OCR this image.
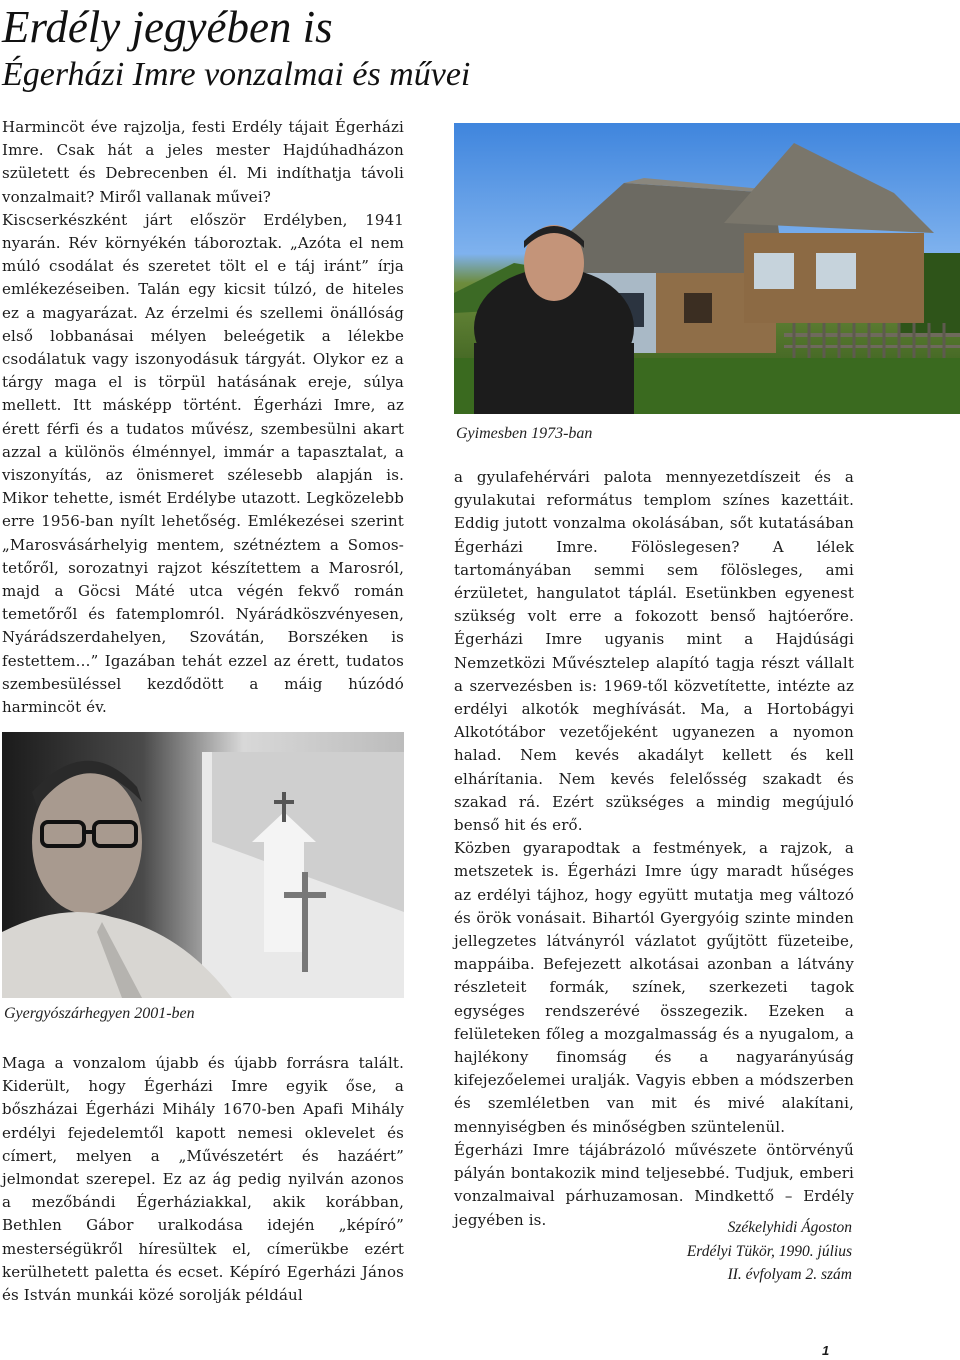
Erdély jegyében is
Égerházi Imre vonzalmai és művei

Harmincöt éve rajzolja, festi Erdély tájait Égerházi Imre. Csak hát a jeles mester Hajdúhadházon született és Debrecenben él. Mi indíthatja távoli vonzalmait? Miről vallanak művei?

Kiscserkészként járt először Erdélyben, 1941 nyarán. Rév környékén táboroztak. „Azóta el nem múló csodálat és szeretet tölt el e táj iránt” írja emlékezéseiben. Talán egy kicsit túlzó, de hiteles ez a magyarázat. Az érzelmi és szellemi önállóság első lobbanásai mélyen beleégetik a lélekbe csodálatuk vagy iszonyodásuk tárgyát. Olykor ez a tárgy maga el is törpül hatásának ereje, súlya mellett. Itt másképp történt. Égerházi Imre, az érett férfi és a tudatos művész, szembesülni akart azzal a különös élménnyel, immár a tapasztalat, a viszonyítás, az önismeret szélesebb alapján is. Mikor tehette, ismét Erdélybe utazott. Legközelebb erre 1956-ban nyílt lehetőség. Emlékezései szerint „Marosvásárhelyig mentem, szétnéztem a Somos-tetőről, sorozatnyi rajzot készítettem a Marosról, majd a Göcsi Máté utca végén fekvő román temetőről és fatemplomról. Nyárádköszvényesen, Nyárádszerdahelyen, Szovátán, Borszéken is festettem…” Igazában tehát ezzel az érett, tudatos szembesüléssel kezdődött a máig húzódó harmincöt év.

Gyimesben 1973-ban
Gyergyószárhegyen 2001-ben

Maga a vonzalom újabb és újabb forrásra talált. Kiderült, hogy Égerházi Imre egyik őse, a bőszházai Égerházi Mihály 1670-ben Apafi Mihály erdélyi fejedelemtől kapott nemesi oklevelet és címert, melyen a „Művészetért és hazáért” jelmondat szerepel. Ez az ág pedig nyilván azonos a mezőbándi Égerháziakkal, akik korábban, Bethlen Gábor uralkodása idején „képíró” mesterségükről híresültek el, címerükbe ezért kerülhetett paletta és ecset. Képíró Egerházi János és István munkái közé sorolják például

a gyulafehérvári palota mennyezetdíszeit és a gyulakutai református templom színes kazettáit. Eddig jutott vonzalma okolásában, sőt kutatásában Égerházi Imre. Fölöslegesen? A lélek tartományában semmi sem fölösleges, ami érzületet, hangulatot táplál. Esetünkben egyenest szükség volt erre a fokozott benső hajtóerőre. Égerházi Imre ugyanis mint a Hajdúsági Nemzetközi Művésztelep alapító tagja részt vállalt a szervezésben is: 1969-től közvetítette, intézte az erdélyi alkotók meghívását. Ma, a Hortobágyi Alkotótábor vezetőjeként ugyanezen a nyomon halad. Nem kevés akadályt kellett és kell elhárítania. Nem kevés felelősség szakadt és szakad rá. Ezért szükséges a mindig megújuló benső hit és erő.

Közben gyarapodtak a festmények, a rajzok, a metszetek is. Égerházi Imre úgy maradt hűséges az erdélyi tájhoz, hogy együtt mutatja meg változó és örök vonásait. Bihartól Gyergyóig szinte minden jellegzetes látványról vázlatot gyűjtött füzeteibe, mappáiba. Befejezett alkotásai azonban a látvány részleteit formák, színek, szerkezeti tagok egységes rendszerévé összegezik. Ezeken a felületeken főleg a mozgalmasság és a nyugalom, a hajlékony finomság és a nagyarányúság kifejezőelemei uralják. Vagyis ebben a módszerben és szemléletben van mit és mivé alakítani, mennyiségben és minőségben szüntelenül.

Égerházi Imre tájábrázoló művészete öntörvényű pályán bontakozik mind teljesebbé. Tudjuk, emberi vonzalmaival párhuzamosan. Mindkettő – Erdély jegyében is.	Székelyhidi Ágoston
Erdélyi Tükör, 1990. július
II. évfolyam 2. szám
1
